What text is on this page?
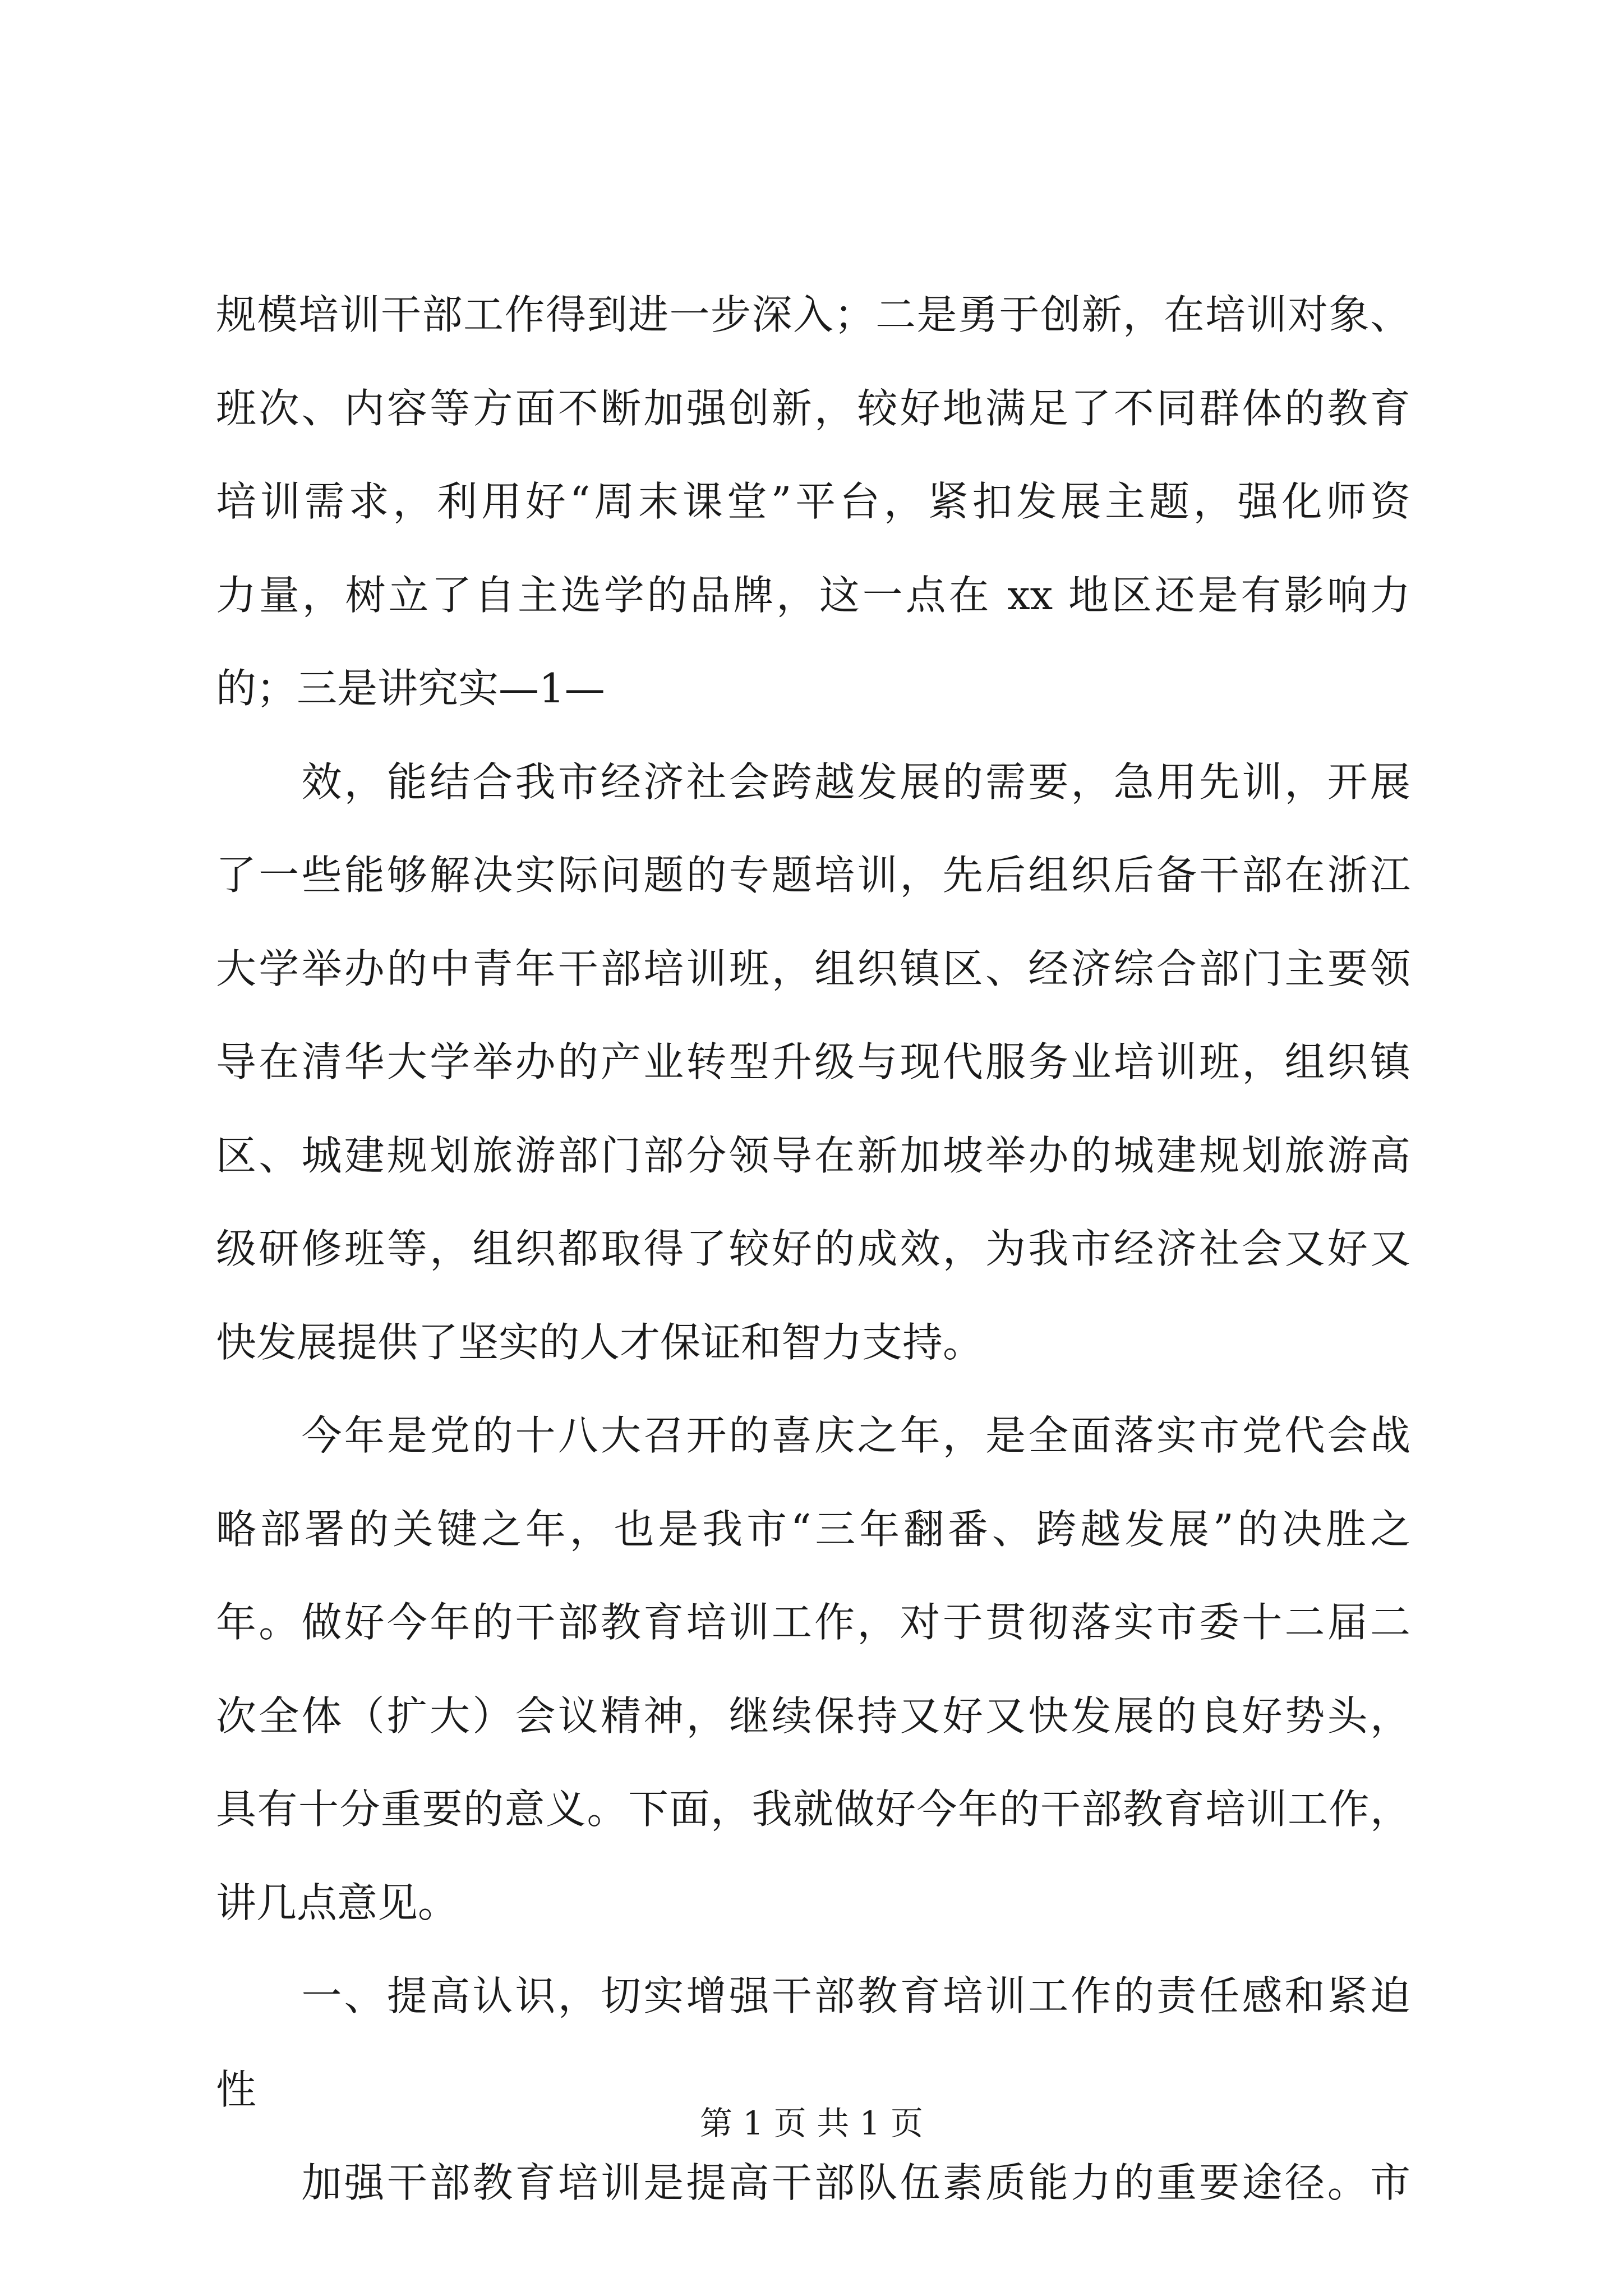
规模培训干部工作得到进一步深入；二是勇于创新，在培训对象、
班次、内容等方面不断加强创新，较好地满足了不同群体的教育
培训需求，利用好“周末课堂”平台，紧扣发展主题，强化师资
力量，树立了自主选学的品牌，这一点在 xx 地区还是有影响力
的；三是讲究实—1—
　　效，能结合我市经济社会跨越发展的需要，急用先训，开展
了一些能够解决实际问题的专题培训，先后组织后备干部在浙江
大学举办的中青年干部培训班，组织镇区、经济综合部门主要领
导在清华大学举办的产业转型升级与现代服务业培训班，组织镇
区、城建规划旅游部门部分领导在新加坡举办的城建规划旅游高
级研修班等，组织都取得了较好的成效，为我市经济社会又好又
快发展提供了坚实的人才保证和智力支持。
　　今年是党的十八大召开的喜庆之年，是全面落实市党代会战
略部署的关键之年，也是我市“三年翻番、跨越发展”的决胜之
年。做好今年的干部教育培训工作，对于贯彻落实市委十二届二
次全体（扩大）会议精神，继续保持又好又快发展的良好势头，
具有十分重要的意义。下面，我就做好今年的干部教育培训工作，
讲几点意见。
　　一、提高认识，切实增强干部教育培训工作的责任感和紧迫
性
　　加强干部教育培训是提高干部队伍素质能力的重要途径。市
第 1 页 共 1 页
